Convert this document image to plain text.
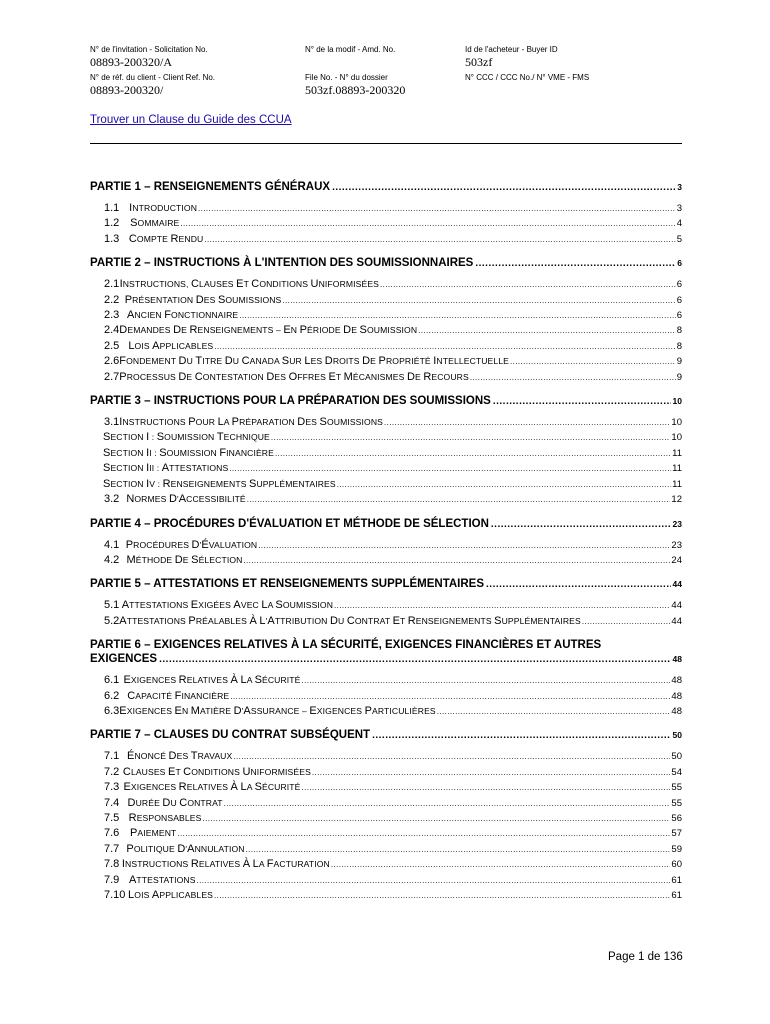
N° de l'invitation - Solicitation No.
08893-200320/A
N° de la modif - Amd. No.	Id de l'acheteur - Buyer ID
503zf
N° de réf. du client - Client Ref. No.
08893-200320/
File No. - N° du dossier
503zf.08893-200320
N° CCC / CCC No./ N° VME - FMS
Trouver un Clause du Guide des CCUA
PARTIE 1 – RENSEIGNEMENTS GÉNÉRAUX .....	3
1.1 INTRODUCTION .....	3
1.2 SOMMAIRE .....	4
1.3 COMPTE RENDU .....	5
PARTIE 2 – INSTRUCTIONS À L'INTENTION DES SOUMISSIONNAIRES .....	6
2.1 INSTRUCTIONS, CLAUSES ET CONDITIONS UNIFORMISÉES .....	6
2.2 PRÉSENTATION DES SOUMISSIONS .....	6
2.3 ANCIEN FONCTIONNAIRE .....	6
2.4 DEMANDES DE RENSEIGNEMENTS – EN PÉRIODE DE SOUMISSION .....	8
2.5 LOIS APPLICABLES .....	8
2.6 FONDEMENT DU TITRE DU CANADA SUR LES DROITS DE PROPRIÉTÉ INTELLECTUELLE .....	9
2.7 PROCESSUS DE CONTESTATION DES OFFRES ET MÉCANISMES DE RECOURS .....	9
PARTIE 3 – INSTRUCTIONS POUR LA PRÉPARATION DES SOUMISSIONS .....	10
3.1 INSTRUCTIONS POUR LA PRÉPARATION DES SOUMISSIONS .....	10
SECTION I : SOUMISSION TECHNIQUE .....	10
SECTION II : SOUMISSION FINANCIÈRE .....	11
SECTION III : ATTESTATIONS .....	11
SECTION IV : RENSEIGNEMENTS SUPPLÉMENTAIRES .....	11
3.2 NORMES D'ACCESSIBILITÉ .....	12
PARTIE 4 – PROCÉDURES D'ÉVALUATION ET MÉTHODE DE SÉLECTION .....	23
4.1 PROCÉDURES D'ÉVALUATION .....	23
4.2 MÉTHODE DE SÉLECTION .....	24
PARTIE 5 – ATTESTATIONS ET RENSEIGNEMENTS SUPPLÉMENTAIRES .....	44
5.1 ATTESTATIONS EXIGÉES AVEC LA SOUMISSION .....	44
5.2 ATTESTATIONS PRÉALABLES À L'ATTRIBUTION DU CONTRAT ET RENSEIGNEMENTS SUPPLÉMENTAIRES .....	44
PARTIE 6 – EXIGENCES RELATIVES À LA SÉCURITÉ, EXIGENCES FINANCIÈRES ET AUTRES
EXIGENCES .....	48
6.1 EXIGENCES RELATIVES À LA SÉCURITÉ .....	48
6.2 CAPACITÉ FINANCIÈRE .....	48
6.3 EXIGENCES EN MATIÈRE D'ASSURANCE – EXIGENCES PARTICULIÈRES .....	48
PARTIE 7 – CLAUSES DU CONTRAT SUBSÉQUENT .....	50
7.1 ÉNONCÉ DES TRAVAUX .....	50
7.2 CLAUSES ET CONDITIONS UNIFORMISÉES .....	54
7.3 EXIGENCES RELATIVES À LA SÉCURITÉ .....	55
7.4 DURÉE DU CONTRAT .....	55
7.5 RESPONSABLES .....	56
7.6 PAIEMENT .....	57
7.7 POLITIQUE D'ANNULATION .....	59
7.8 INSTRUCTIONS RELATIVES À LA FACTURATION .....	60
7.9 ATTESTATIONS .....	61
7.10 LOIS APPLICABLES .....	61
Page 1 de 136
